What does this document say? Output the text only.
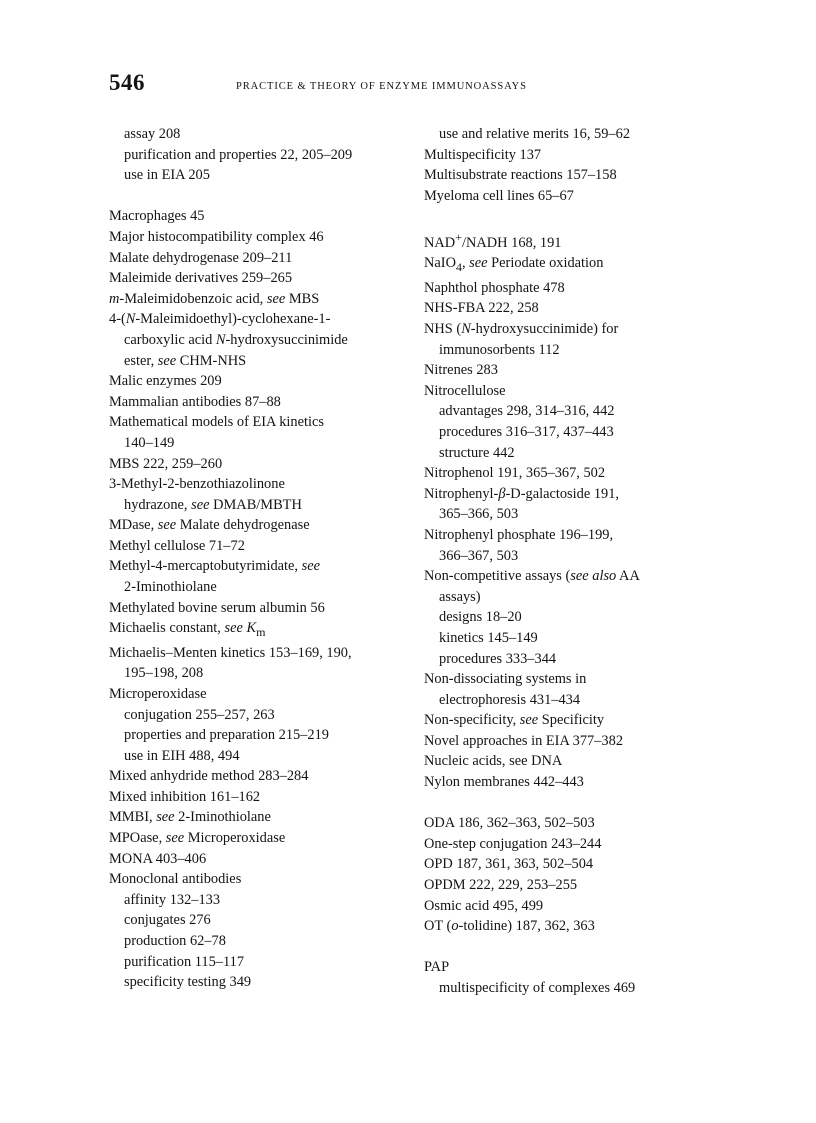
546	PRACTICE & THEORY OF ENZYME IMMUNOASSAYS
assay 208
purification and properties 22, 205–209
use in EIA 205
Macrophages 45
Major histocompatibility complex 46
Malate dehydrogenase 209–211
Maleimide derivatives 259–265
m-Maleimidobenzoic acid, see MBS
4-(N-Maleimidoethyl)-cyclohexane-1-
carboxylic acid N-hydroxysuccinimide
ester, see CHM-NHS
Malic enzymes 209
Mammalian antibodies 87–88
Mathematical models of EIA kinetics
140–149
MBS 222, 259–260
3-Methyl-2-benzothiazolinone
hydrazone, see DMAB/MBTH
MDase, see Malate dehydrogenase
Methyl cellulose 71–72
Methyl-4-mercaptobutyrimidate, see
2-Iminothiolane
Methylated bovine serum albumin 56
Michaelis constant, see $K_m$
Michaelis–Menten kinetics 153–169, 190,
195–198, 208
Microperoxidase
conjugation 255–257, 263
properties and preparation 215–219
use in EIH 488, 494
Mixed anhydride method 283–284
Mixed inhibition 161–162
MMBI, see 2-Iminothiolane
MPOase, see Microperoxidase
MONA 403–406
Monoclonal antibodies
affinity 132–133
conjugates 276
production 62–78
purification 115–117
specificity testing 349
use and relative merits 16, 59–62
Multispecificity 137
Multisubstrate reactions 157–158
Myeloma cell lines 65–67
NAD+/NADH 168, 191
NaIO$_4$, see Periodate oxidation
Naphthol phosphate 478
NHS-FBA 222, 258
NHS (N-hydroxysuccinimide) for
immunosorbents 112
Nitrenes 283
Nitrocellulose
advantages 298, 314–316, 442
procedures 316–317, 437–443
structure 442
Nitrophenol 191, 365–367, 502
Nitrophenyl-β-D-galactoside 191,
365–366, 503
Nitrophenyl phosphate 196–199,
366–367, 503
Non-competitive assays (see also AA
assays)
designs 18–20
kinetics 145–149
procedures 333–344
Non-dissociating systems in
electrophoresis 431–434
Non-specificity, see Specificity
Novel approaches in EIA 377–382
Nucleic acids, see DNA
Nylon membranes 442–443
ODA 186, 362–363, 502–503
One-step conjugation 243–244
OPD 187, 361, 363, 502–504
OPDM 222, 229, 253–255
Osmic acid 495, 499
OT (o-tolidine) 187, 362, 363
PAP
multispecificity of complexes 469
